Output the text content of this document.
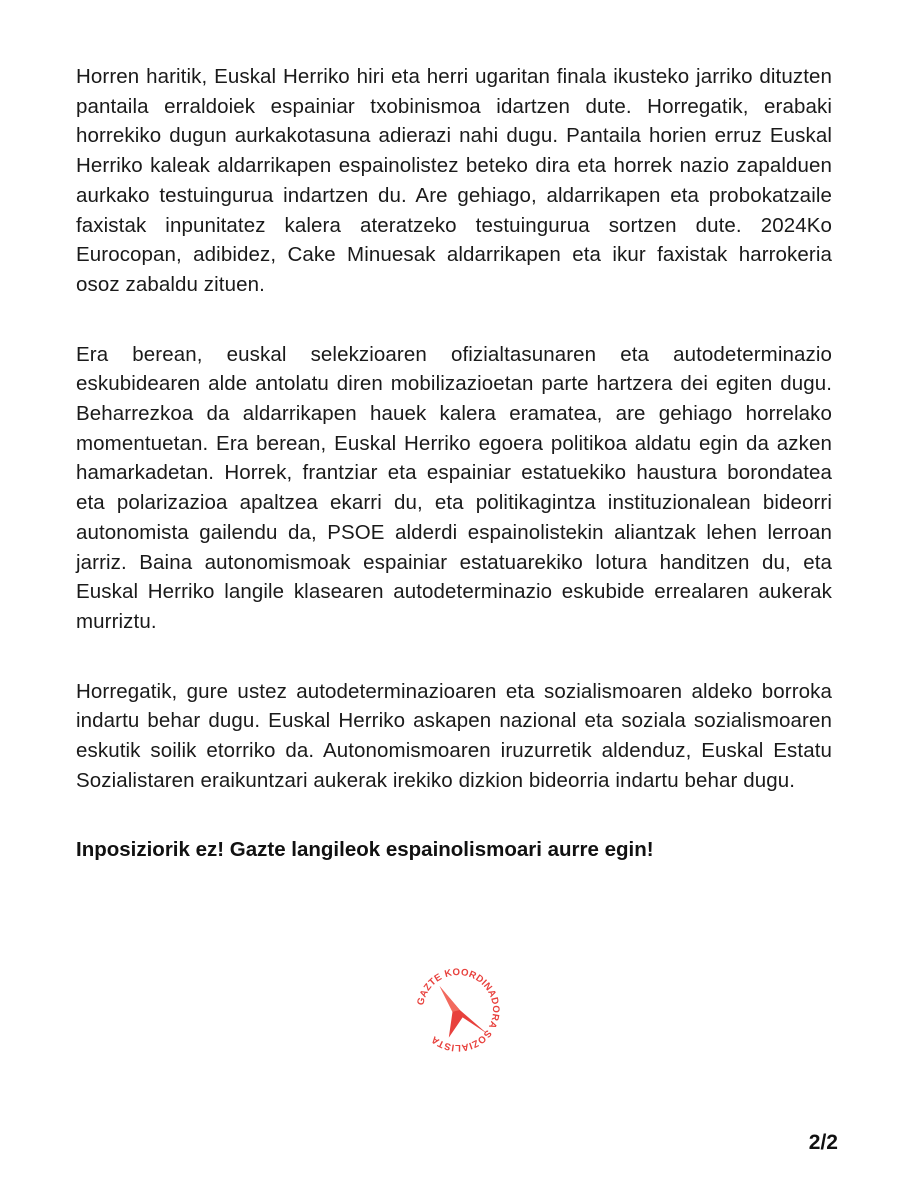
Horren haritik, Euskal Herriko hiri eta herri ugaritan finala ikusteko jarriko dituzten pantaila erraldoiek espainiar txobinismoa idartzen dute. Horregatik, erabaki horrekiko dugun aurkakotasuna adierazi nahi dugu. Pantaila horien erruz Euskal Herriko kaleak aldarrikapen espainolistez beteko dira eta horrek nazio zapalduen aurkako testuingurua indartzen du. Are gehiago, aldarrikapen eta probokatzaile faxistak inpunitatez kalera ateratzeko testuingurua sortzen dute. 2024Ko Eurocopan, adibidez, Cake Minuesak aldarrikapen eta ikur faxistak harrokeria osoz zabaldu zituen.

Era berean, euskal selekzioaren ofizialtasunaren eta autodeterminazio eskubidearen alde antolatu diren mobilizazioetan parte hartzera dei egiten dugu. Beharrezkoa da aldarrikapen hauek kalera eramatea, are gehiago horrelako momentuetan. Era berean, Euskal Herriko egoera politikoa aldatu egin da azken hamarkadetan. Horrek, frantziar eta espainiar estatuekiko haustura borondatea eta polarizazioa apaltzea ekarri du, eta politikagintza instituzionalean bideorri autonomista gailendu da, PSOE alderdi espainolistekin aliantzak lehen lerroan jarriz. Baina autonomismoak espainiar estatuarekiko lotura handitzen du, eta Euskal Herriko langile klasearen autodeterminazio eskubide errealaren aukerak murriztu.

Horregatik, gure ustez autodeterminazioaren eta sozialismoaren aldeko borroka indartu behar dugu. Euskal Herriko askapen nazional eta soziala sozialismoaren eskutik soilik etorriko da. Autonomismoaren iruzurretik aldenduz, Euskal Estatu Sozialistaren eraikuntzari aukerak irekiko dizkion bideorria indartu behar dugu.

Inposiziorik ez! Gazte langileok espainolismoari aurre egin!

GAZTE KOORDINADORA SOZIALISTA
2/2
